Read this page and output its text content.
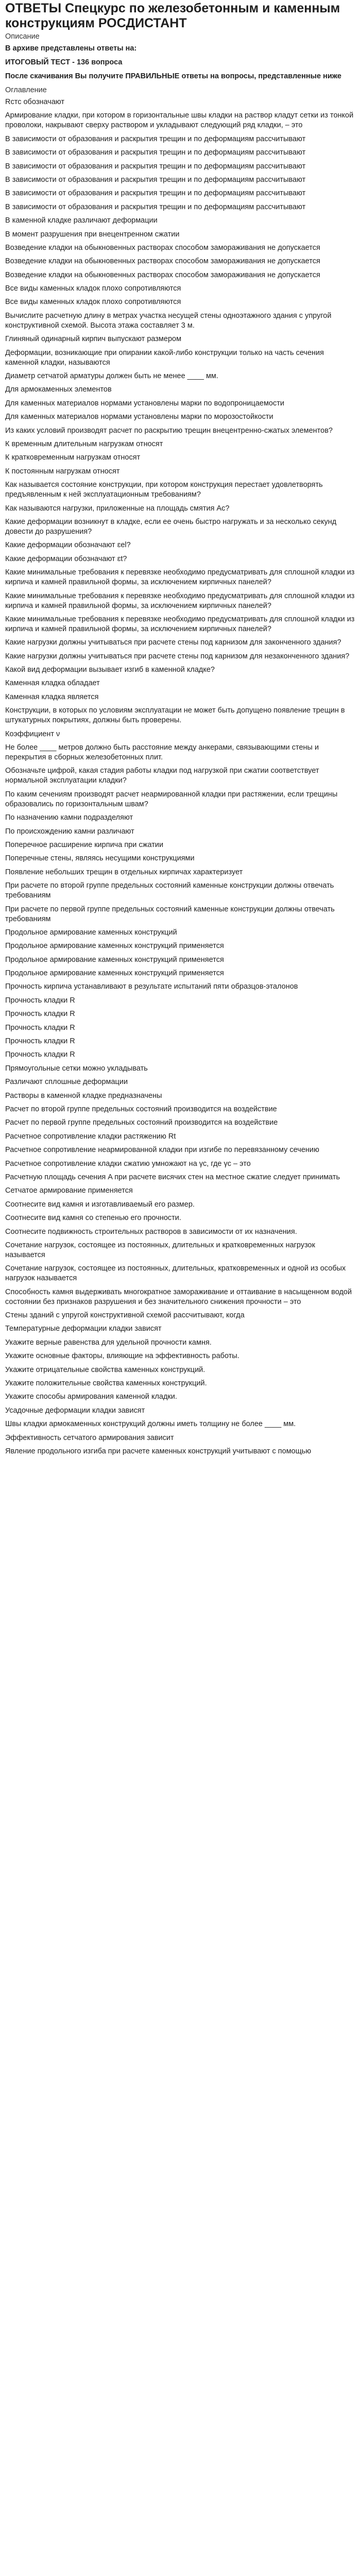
ОТВЕТЫ Спецкурс по железобетонным и каменным конструкциям РОСДИСТАНТ
Описание
В архиве представлены ответы на:
ИТОГОВЫЙ ТЕСТ - 136 вопроса
После скачивания Вы получите ПРАВИЛЬНЫЕ ответы на вопросы, представленные ниже
Оглавление
Rстс обозначают
Армирование кладки, при котором в горизонтальные швы кладки на раствор кладут сетки из тонкой проволоки, накрывают сверху раствором и укладывают следующий ряд кладки, – это
В зависимости от образования и раскрытия трещин и по деформациям рассчитывают
В зависимости от образования и раскрытия трещин и по деформациям рассчитывают
В зависимости от образования и раскрытия трещин и по деформациям рассчитывают
В зависимости от образования и раскрытия трещин и по деформациям рассчитывают
В зависимости от образования и раскрытия трещин и по деформациям рассчитывают
В зависимости от образования и раскрытия трещин и по деформациям рассчитывают
В каменной кладке различают деформации
В момент разрушения при внецентренном сжатии
Возведение кладки на обыкновенных растворах способом замораживания не допускается
Возведение кладки на обыкновенных растворах способом замораживания не допускается
Возведение кладки на обыкновенных растворах способом замораживания не допускается
Все виды каменных кладок плохо сопротивляются
Все виды каменных кладок плохо сопротивляются
Вычислите расчетную длину в метрах участка несущей стены одноэтажного здания с упругой конструктивной схемой. Высота этажа составляет 3 м.
Глиняный одинарный кирпич выпускают размером
Деформации, возникающие при опирании какой-либо конструкции только на часть сечения каменной кладки, называются
Диаметр сетчатой арматуры должен быть не менее ____ мм.
Для армокаменных элементов
Для каменных материалов нормами установлены марки по водопроницаемости
Для каменных материалов нормами установлены марки по морозостойкости
Из каких условий производят расчет по раскрытию трещин внецентренно-сжатых элементов?
К временным длительным нагрузкам относят
К кратковременным нагрузкам относят
К постоянным нагрузкам относят
Как называется состояние конструкции, при котором конструкция перестает удовлетворять предъявленным к ней эксплуатационным требованиям?
Как называются нагрузки, приложенные на площадь смятия Ac?
Какие деформации возникнут в кладке, если ее очень быстро нагружать и за несколько секунд довести до разрушения?
Какие деформации обозначают ɛel?
Какие деформации обозначают ɛt?
Какие минимальные требования к перевязке необходимо предусматривать для сплошной кладки из кирпича и камней правильной формы, за исключением кирпичных панелей?
Какие минимальные требования к перевязке необходимо предусматривать для сплошной кладки из кирпича и камней правильной формы, за исключением кирпичных панелей?
Какие минимальные требования к перевязке необходимо предусматривать для сплошной кладки из кирпича и камней правильной формы, за исключением кирпичных панелей?
Какие нагрузки должны учитываться при расчете стены под карнизом для законченного здания?
Какие нагрузки должны учитываться при расчете стены под карнизом для незаконченного здания?
Какой вид деформации вызывает изгиб в каменной кладке?
Каменная кладка обладает
Каменная кладка является
Конструкции, в которых по условиям эксплуатации не может быть допущено появление трещин в штукатурных покрытиях, должны быть проверены.
Коэффициент ν
Не более ____ метров должно быть расстояние между анкерами, связывающими стены и перекрытия в сборных железобетонных плит.
Обозначьте цифрой, какая стадия работы кладки под нагрузкой при сжатии соответствует нормальной эксплуатации кладки?
По каким сечениям производят расчет неармированной кладки при растяжении, если трещины образовались по горизонтальным швам?
По назначению камни подразделяют
По происхождению камни различают
Поперечное расширение кирпича при сжатии
Поперечные стены, являясь несущими конструкциями
Появление небольших трещин в отдельных кирпичах характеризует
При расчете по второй группе предельных состояний каменные конструкции должны отвечать требованиям
При расчете по первой группе предельных состояний каменные конструкции должны отвечать требованиям
Продольное армирование каменных конструкций
Продольное армирование каменных конструкций применяется
Продольное армирование каменных конструкций применяется
Продольное армирование каменных конструкций применяется
Прочность кирпича устанавливают в результате испытаний пяти образцов-эталонов
Прочность кладки R
Прочность кладки R
Прочность кладки R
Прочность кладки R
Прочность кладки R
Прямоугольные сетки можно укладывать
Различают сплошные деформации
Растворы в каменной кладке предназначены
Расчет по второй группе предельных состояний производится на воздействие
Расчет по первой группе предельных состояний производится на воздействие
Расчетное сопротивление кладки растяжению Rt
Расчетное сопротивление неармированной кладки при изгибе по перевязанному сечению
Расчетное сопротивление кладки сжатию умножают на γc, где γc – это
Расчетную площадь сечения A при расчете висячих стен на местное сжатие следует принимать
Сетчатое армирование применяется
Соотнесите вид камня и изготавливаемый его размер.
Соотнесите вид камня со степенью его прочности.
Соотнесите подвижность строительных растворов в зависимости от их назначения.
Сочетание нагрузок, состоящее из постоянных, длительных и кратковременных нагрузок называется
Сочетание нагрузок, состоящее из постоянных, длительных, кратковременных и одной из особых нагрузок называется
Способность камня выдерживать многократное замораживание и оттаивание в насыщенном водой состоянии без признаков разрушения и без значительного снижения прочности – это
Стены зданий с упругой конструктивной схемой рассчитывают, когда
Температурные деформации кладки зависят
Укажите верные равенства для удельной прочности камня.
Укажите основные факторы, влияющие на эффективность работы.
Укажите отрицательные свойства каменных конструкций.
Укажите положительные свойства каменных конструкций.
Укажите способы армирования каменной кладки.
Усадочные деформации кладки зависят
Швы кладки армокаменных конструкций должны иметь толщину не более ____ мм.
Эффективность сетчатого армирования зависит
Явление продольного изгиба при расчете каменных конструкций учитывают с помощью
